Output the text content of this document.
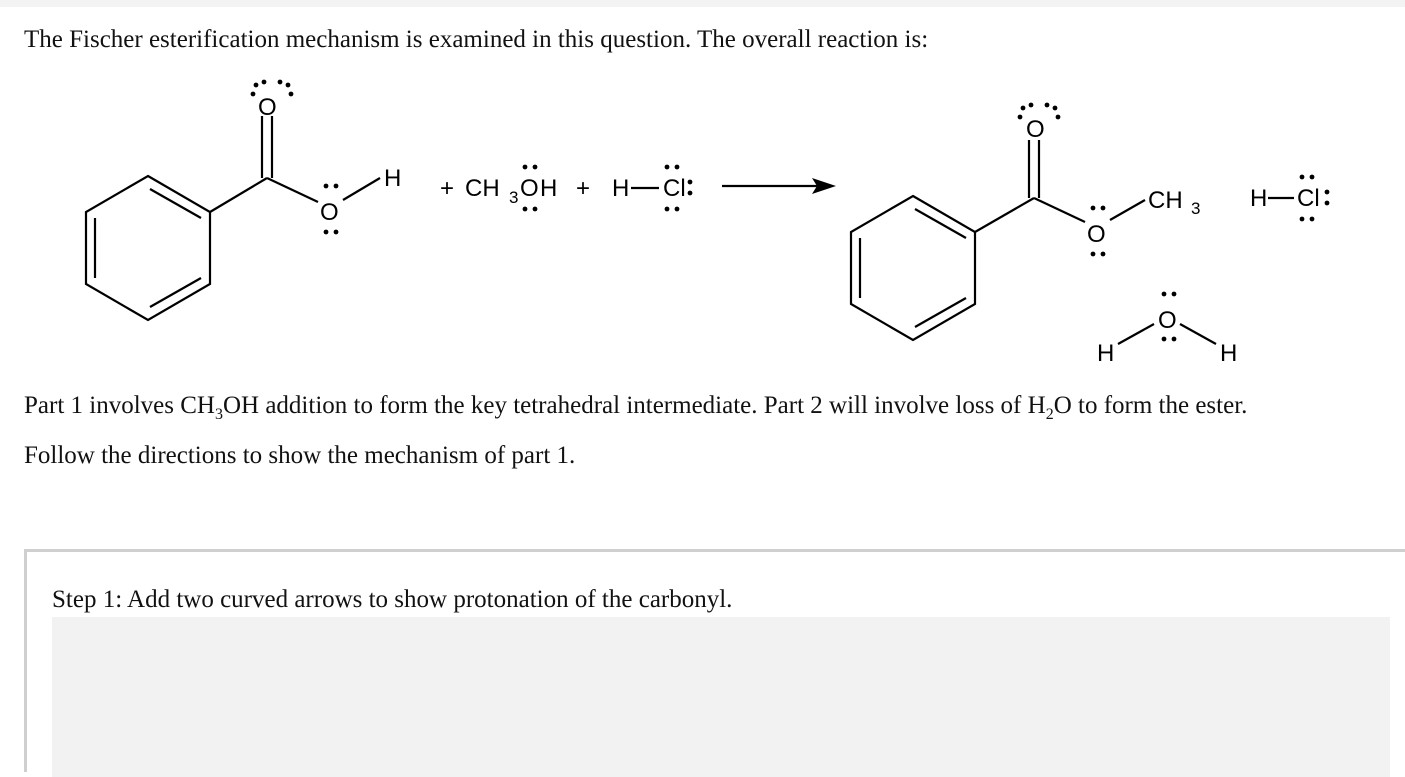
The Fischer esterification mechanism is examined in this question. The overall reaction is:

O
O
H + CH 3 O H + H Cl
O
O
CH 3 H Cl
H
O
H

Part 1 involves $CH_3OH$ addition to form the key tetrahedral intermediate. Part 2 will involve loss of $H_2O$ to form the ester.

Follow the directions to show the mechanism of part 1.

Step 1: Add two curved arrows to show protonation of the carbonyl.
